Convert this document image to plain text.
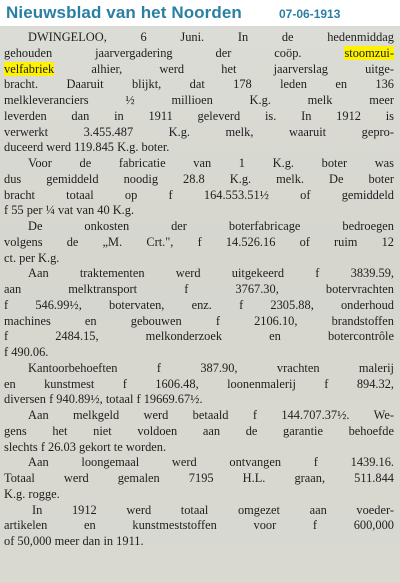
Nieuwsblad van het Noorden	07-06-1913
DWINGELOO, 6 Juni. In de hedenmiddag
gehouden jaarvergadering der coöp.	stoomzui-
velfabriek alhier, werd het jaarverslag uitge-
bracht. Daaruit blijkt, dat 178 leden en 136
melkleveranciers ½ millioen K.g. melk meer
leverden dan in 1911 geleverd is. In 1912 is
verwerkt 3.455.487 K.g. melk, waaruit gepro-
duceerd werd 119.845 K.g. boter.
Voor de fabricatie van 1 K.g. boter was
dus gemiddeld noodig 28.8 K.g. melk. De boter
bracht totaal op f 164.553.51½ of gemiddeld
f 55 per ¼ vat van 40 K.g.
De onkosten der boterfabricage bedroegen
volgens de „M. Crt.", f 14.526.16 of ruim 12
ct. per K.g.
Aan traktementen werd uitgekeerd f 3839.59,
aan melktransport f 3767.30, botervrachten
f 546.99½, botervaten, enz. f 2305.88, onderhoud
machines en gebouwen f 2106.10, brandstoffen
f 2484.15, melkonderzoek en botercontrôle
f 490.06.
Kantoorbehoeften f 387.90, vrachten malerij
en kunstmest f 1606.48, loonenmalerij f 894.32,
diversen f 940.89½, totaal f 19669.67½.
Aan melkgeld werd betaald f 144.707.37½. We-
gens het niet voldoen aan de garantie behoefde
slechts f 26.03 gekort te worden.
Aan loongemaal werd ontvangen f 1439.16.
Totaal werd gemalen 7195 H.L. graan, 511.844
K.g. rogge.
In 1912 werd totaal omgezet aan voeder-
artikelen en kunstmeststoffen voor f 600,000
of 50,000 meer dan in 1911.
